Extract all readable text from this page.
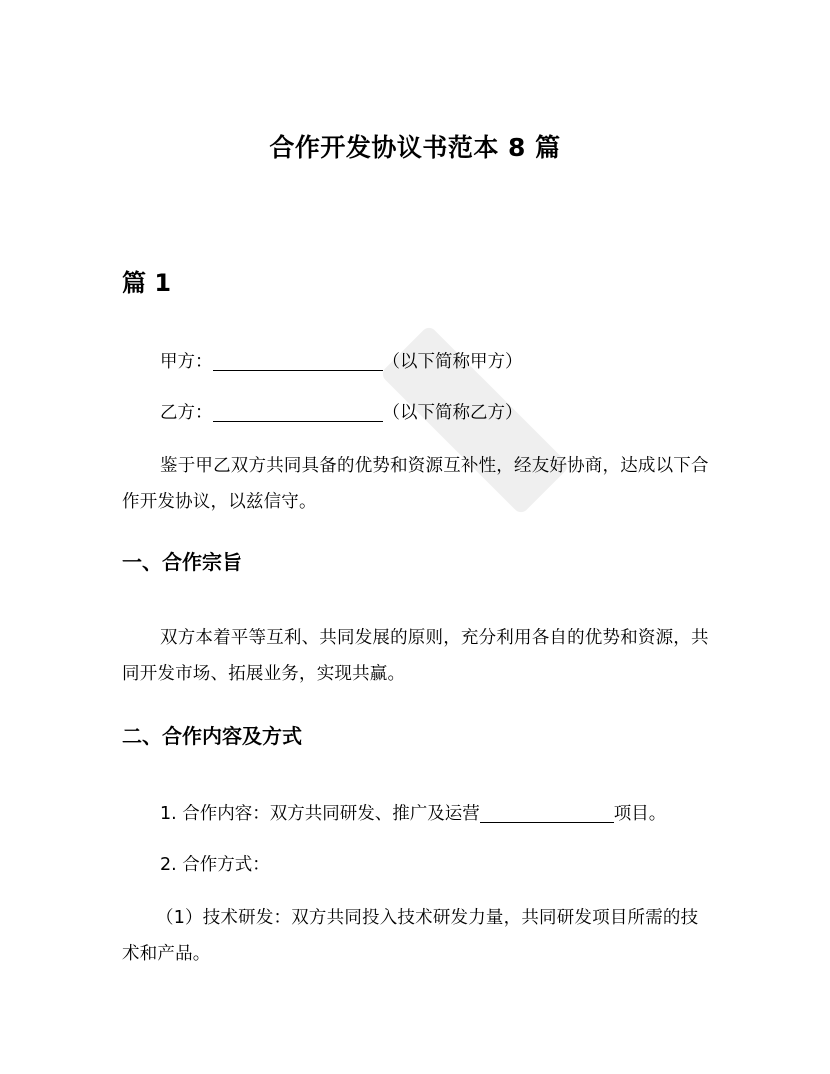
合作开发协议书范本 8 篇
篇 1

甲方：	（以下简称甲方）

乙方：	（以下简称乙方）

鉴于甲乙双方共同具备的优势和资源互补性，经友好协商，达成以下合作开发协议，以兹信守。

一、合作宗旨

双方本着平等互利、共同发展的原则，充分利用各自的优势和资源，共同开发市场、拓展业务，实现共赢。

二、合作内容及方式

1. 合作内容：双方共同研发、推广及运营	项目。

2. 合作方式：

（1）技术研发：双方共同投入技术研发力量，共同研发项目所需的技术和产品。
